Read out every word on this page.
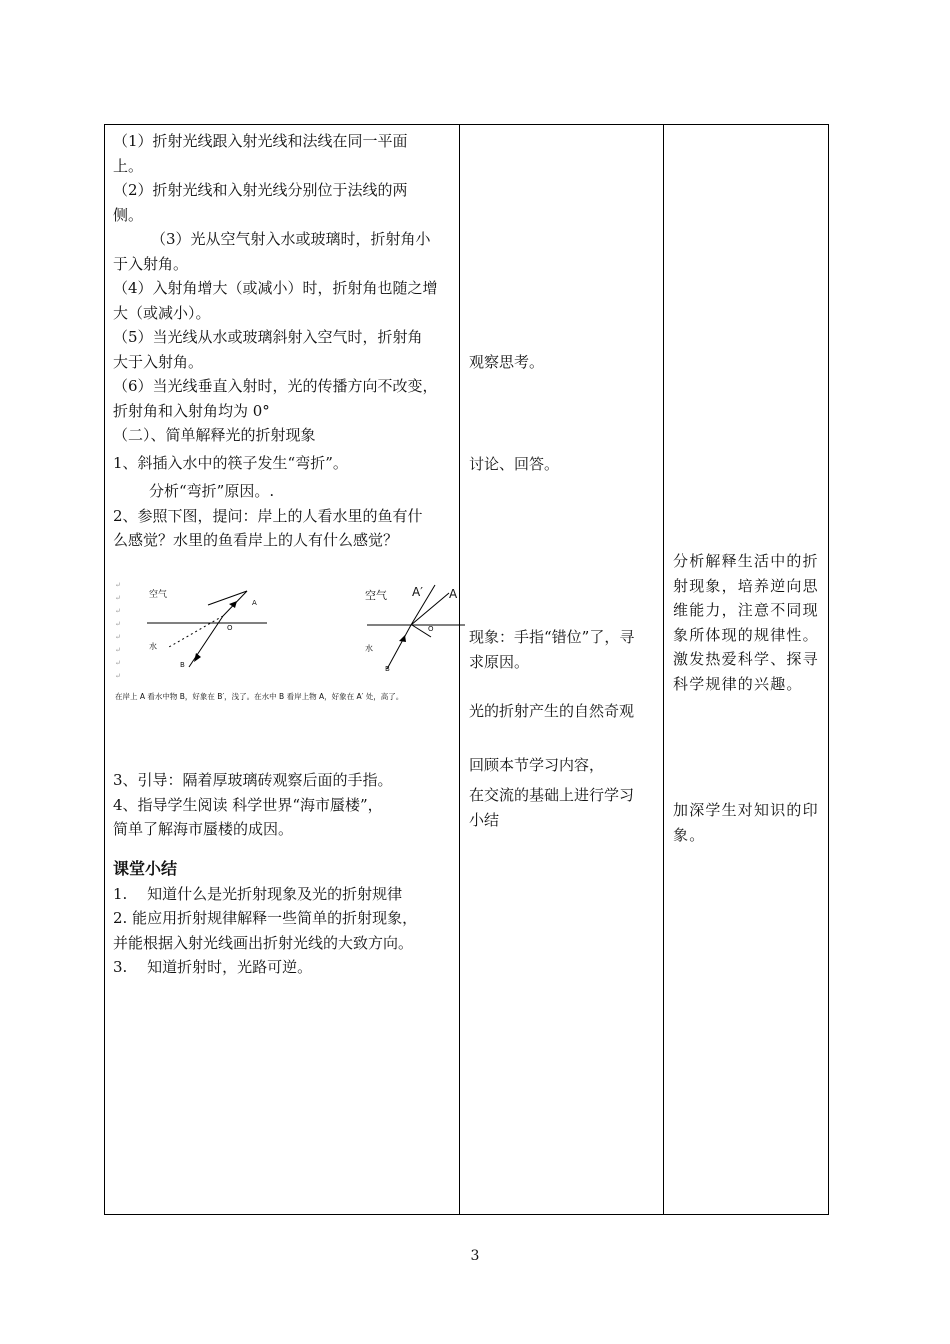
（1）折射光线跟入射光线和法线在同一平面
上。
（2）折射光线和入射光线分别位于法线的两
侧。
（3）光从空气射入水或玻璃时，折射角小
于入射角。
（4）入射角增大（或减小）时，折射角也随之增
大（或减小）。
（5）当光线从水或玻璃斜射入空气时，折射角
大于入射角。
（6）当光线垂直入射时，光的传播方向不改变，
折射角和入射角均为 0°
（二）、简单解释光的折射现象
1、斜插入水中的筷子发生“弯折”。
分析“弯折”原因。.
2、参照下图，提问：岸上的人看水里的鱼有什
么感觉？水里的鱼看岸上的人有什么感觉？
↵
↵
↵
↵
↵
↵
↵
↵
空气
水
A
O
B
空气
水
A′ A
O
B
在岸上 A 看水中物 B，好象在 B′，浅了。在水中 B 看岸上物 A，好象在 A′ 处，高了。
3、引导：隔着厚玻璃砖观察后面的手指。
4、指导学生阅读 科学世界“海市蜃楼”，
简单了解海市蜃楼的成因。
课堂小结
1.　 知道什么是光折射现象及光的折射规律
2. 能应用折射规律解释一些简单的折射现象，
并能根据入射光线画出折射光线的大致方向。
3.　 知道折射时，光路可逆。
观察思考。
讨论、回答。
现象：手指“错位”了，寻
求原因。
光的折射产生的自然奇观
回顾本节学习内容，
在交流的基础上进行学习
小结
分析解释生活中的折射现象，培养逆向思维能力，注意不同现象所体现的规律性。激发热爱科学、探寻科学规律的兴趣。
加深学生对知识的印象。
3
